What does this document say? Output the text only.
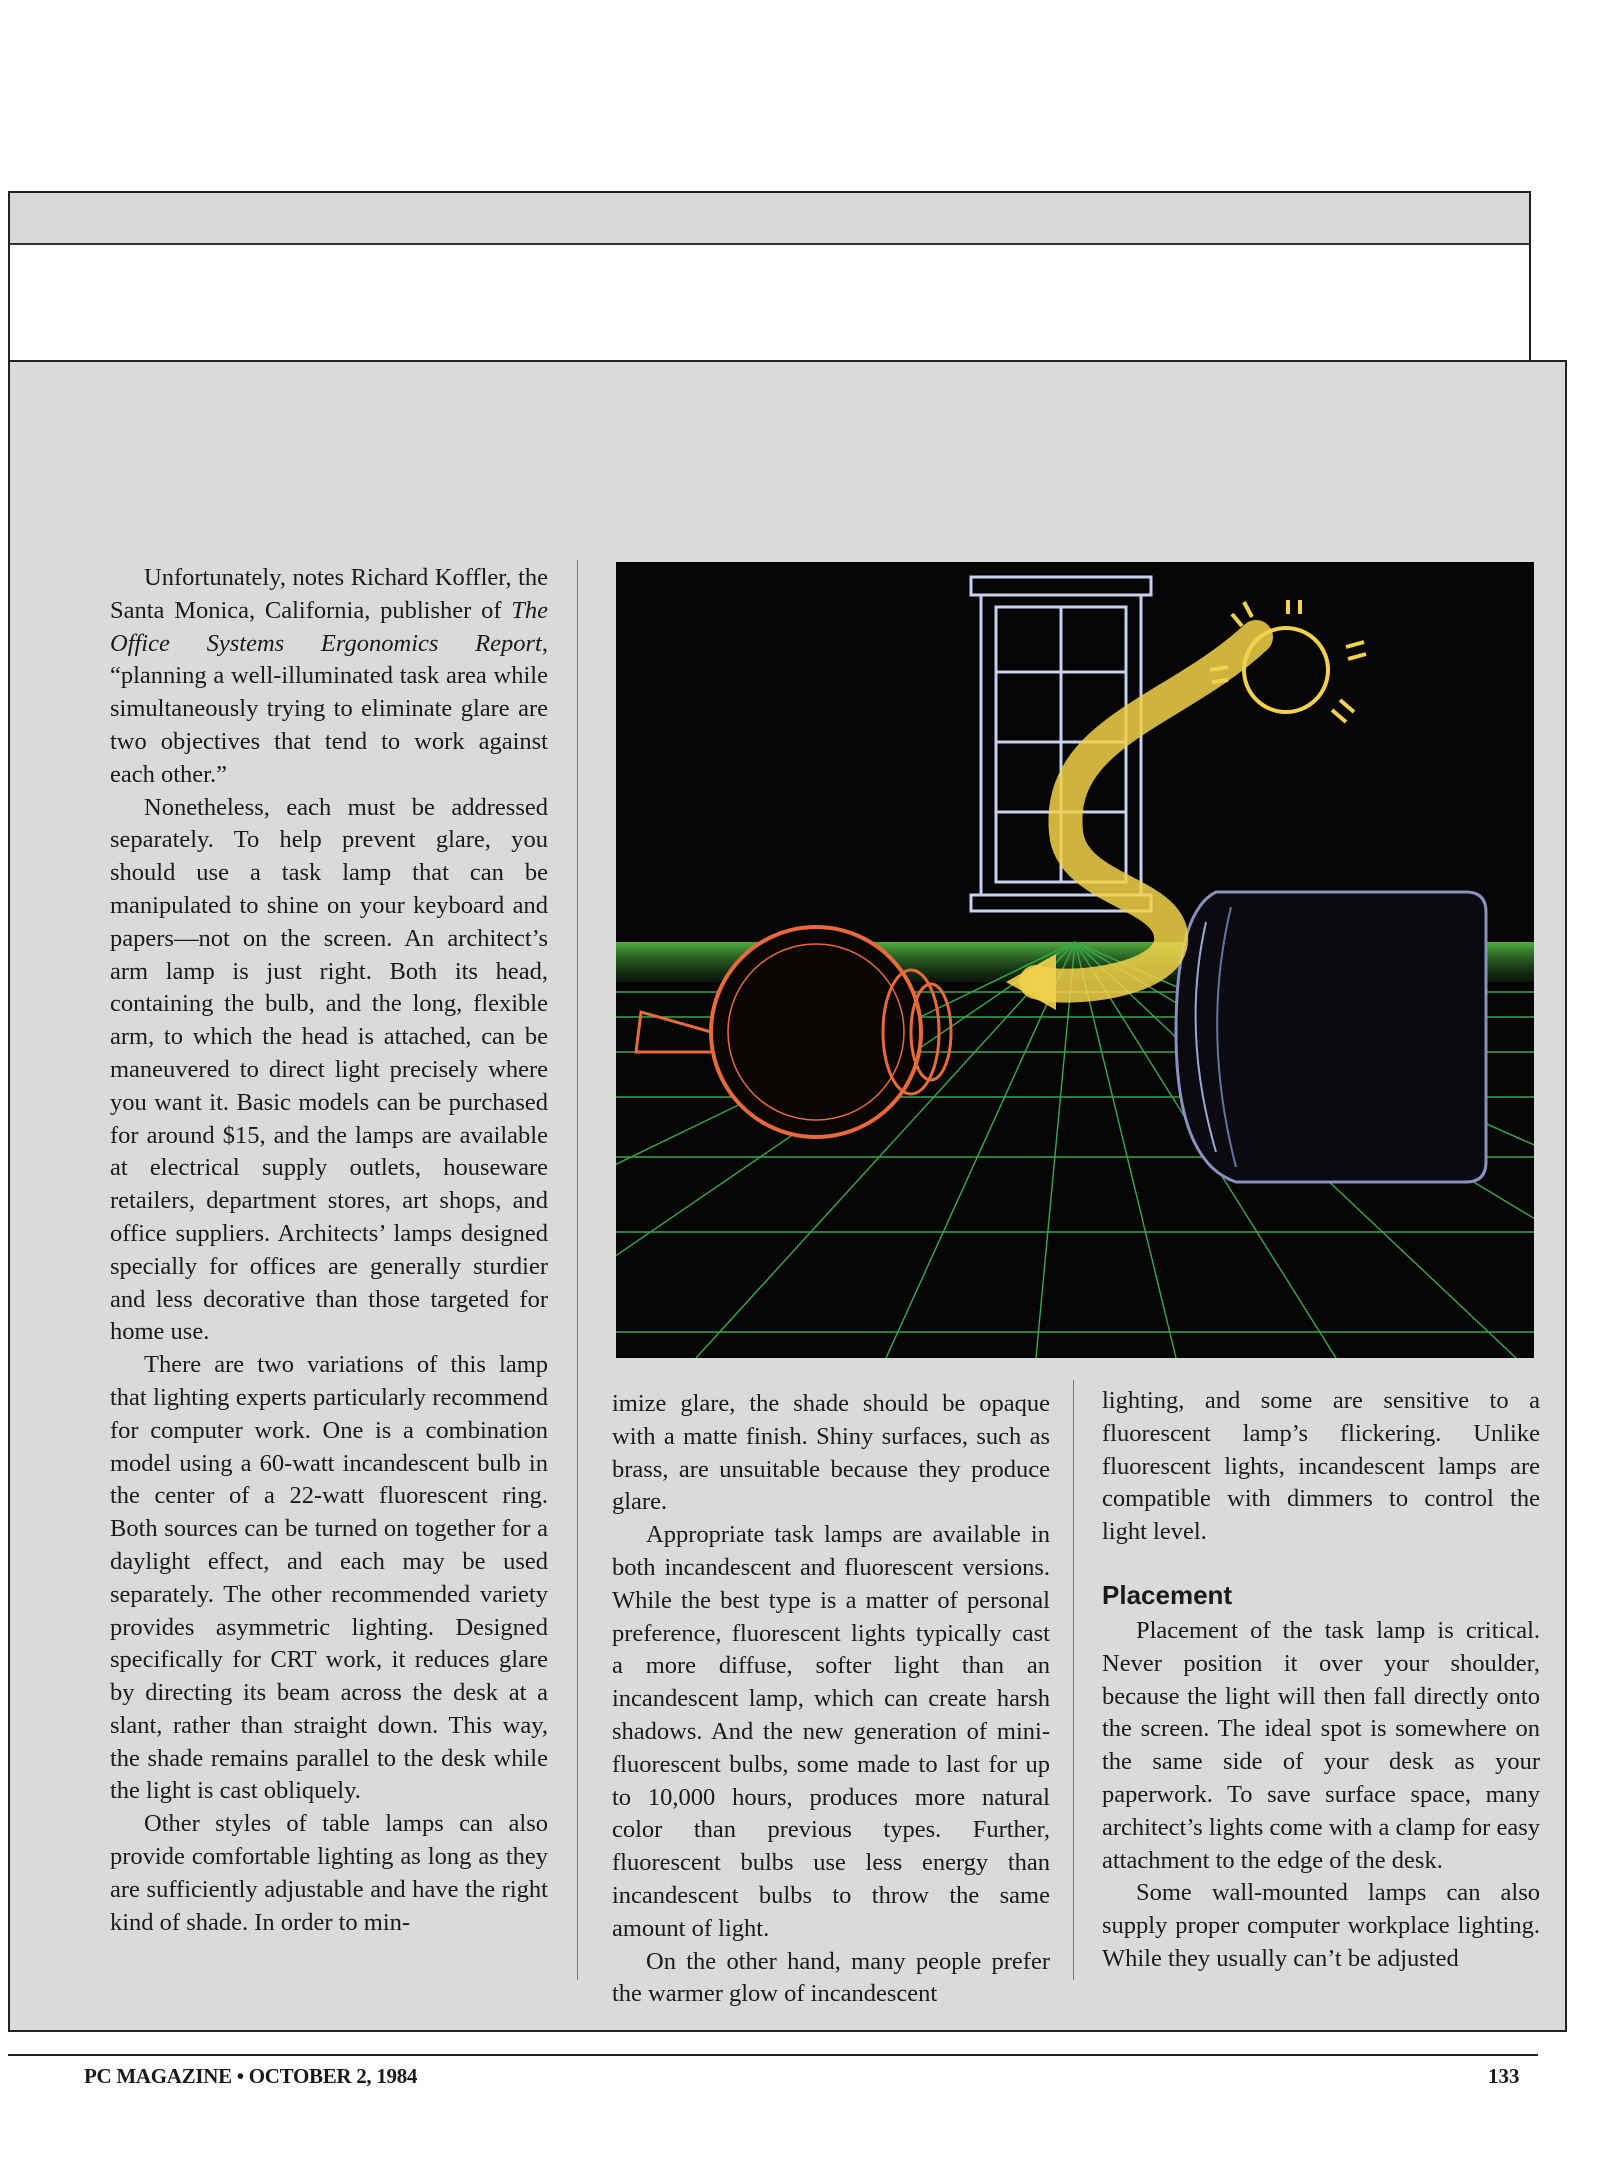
Unfortunately, notes Richard Koffler, the Santa Monica, California, publisher of The Office Systems Ergonomics Report, “planning a well-illuminated task area while simultaneously trying to eliminate glare are two objectives that tend to work against each other.”

Nonetheless, each must be addressed separately. To help prevent glare, you should use a task lamp that can be manipulated to shine on your keyboard and papers—not on the screen. An architect’s arm lamp is just right. Both its head, containing the bulb, and the long, flexible arm, to which the head is attached, can be maneuvered to direct light precisely where you want it. Basic models can be purchased for around $15, and the lamps are available at electrical supply outlets, houseware retailers, department stores, art shops, and office suppliers. Architects’ lamps designed specially for offices are generally sturdier and less decorative than those targeted for home use.

There are two variations of this lamp that lighting experts particularly recommend for computer work. One is a combination model using a 60-watt incandescent bulb in the center of a 22-watt fluorescent ring. Both sources can be turned on together for a daylight effect, and each may be used separately. The other recommended variety provides asymmetric lighting. Designed specifically for CRT work, it reduces glare by directing its beam across the desk at a slant, rather than straight down. This way, the shade remains parallel to the desk while the light is cast obliquely.

Other styles of table lamps can also provide comfortable lighting as long as they are sufficiently adjustable and have the right kind of shade. In order to min-

imize glare, the shade should be opaque with a matte finish. Shiny surfaces, such as brass, are unsuitable because they produce glare.

Appropriate task lamps are available in both incandescent and fluorescent versions. While the best type is a matter of personal preference, fluorescent lights typically cast a more diffuse, softer light than an incandescent lamp, which can create harsh shadows. And the new generation of mini-fluorescent bulbs, some made to last for up to 10,000 hours, produces more natural color than previous types. Further, fluorescent bulbs use less energy than incandescent bulbs to throw the same amount of light.

On the other hand, many people prefer the warmer glow of incandescent

lighting, and some are sensitive to a fluorescent lamp’s flickering. Unlike fluorescent lights, incandescent lamps are compatible with dimmers to control the light level.

Placement

Placement of the task lamp is critical. Never position it over your shoulder, because the light will then fall directly onto the screen. The ideal spot is somewhere on the same side of your desk as your paperwork. To save surface space, many architect’s lights come with a clamp for easy attachment to the edge of the desk.

Some wall-mounted lamps can also supply proper computer workplace lighting. While they usually can’t be adjusted

PC MAGAZINE • OCTOBER 2, 1984	133
